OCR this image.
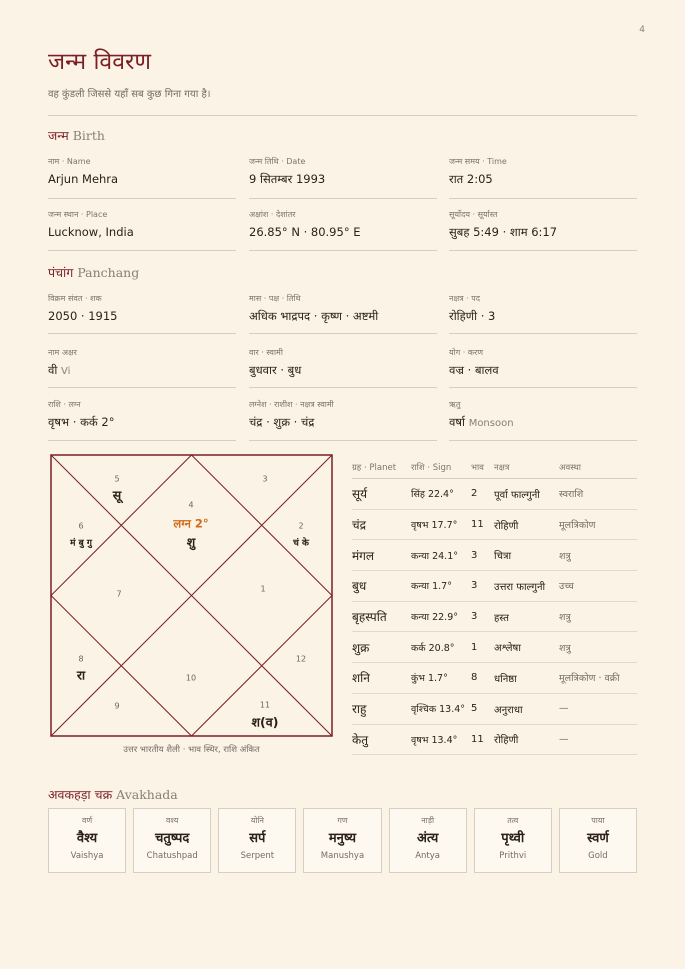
4
जन्म विवरण
वह कुंडली जिससे यहाँ सब कुछ गिना गया है।
जन्म Birth
नाम · Name
Arjun Mehra
जन्म तिथि · Date
9 सितम्बर 1993
जन्म समय · Time
रात 2:05
जन्म स्थान · Place
Lucknow, India
अक्षांश · देशांतर
26.85° N · 80.95° E
सूर्योदय · सूर्यास्त
सुबह 5:49 · शाम 6:17
पंचांग Panchang
विक्रम संवत · शक
2050 · 1915
मास · पक्ष · तिथि
अधिक भाद्रपद · कृष्ण · अष्टमी
नक्षत्र · पद
रोहिणी · 3
नाम अक्षर
वी Vi
वार · स्वामी
बुधवार · बुध
योग · करण
वज्र · बालव
राशि · लग्न
वृषभ · कर्क 2°
लग्नेश · राशीश · नक्षत्र स्वामी
चंद्र · शुक्र · चंद्र
ऋतु
वर्षा Monsoon
4
लग्न 2°
शु
5
सू
6
मं बु गु
7
8
रा
9
10
11
श(व)
12
1
2
चं के
3
उत्तर भारतीय शैली · भाव स्थिर, राशि अंकित
ग्रह · Planet	राशि · Sign	भाव	नक्षत्र	अवस्था
सूर्य	सिंह 22.4°	2	पूर्वा फाल्गुनी	स्वराशि
चंद्र	वृषभ 17.7°	11	रोहिणी	मूलत्रिकोण
मंगल	कन्या 24.1°	3	चित्रा	शत्रु
बुध	कन्या 1.7°	3	उत्तरा फाल्गुनी	उच्च
बृहस्पति	कन्या 22.9°	3	हस्त	शत्रु
शुक्र	कर्क 20.8°	1	अश्लेषा	शत्रु
शनि	कुंभ 1.7°	8	धनिष्ठा	मूलत्रिकोण · वक्री
राहु	वृश्चिक 13.4°	5	अनुराधा	—
केतु	वृषभ 13.4°	11	रोहिणी	—
अवकहड़ा चक्र Avakhada
वर्ण
वैश्य
Vaishya
वश्य
चतुष्पद
Chatushpad
योनि
सर्प
Serpent
गण
मनुष्य
Manushya
नाड़ी
अंत्य
Antya
तत्व
पृथ्वी
Prithvi
पाया
स्वर्ण
Gold
